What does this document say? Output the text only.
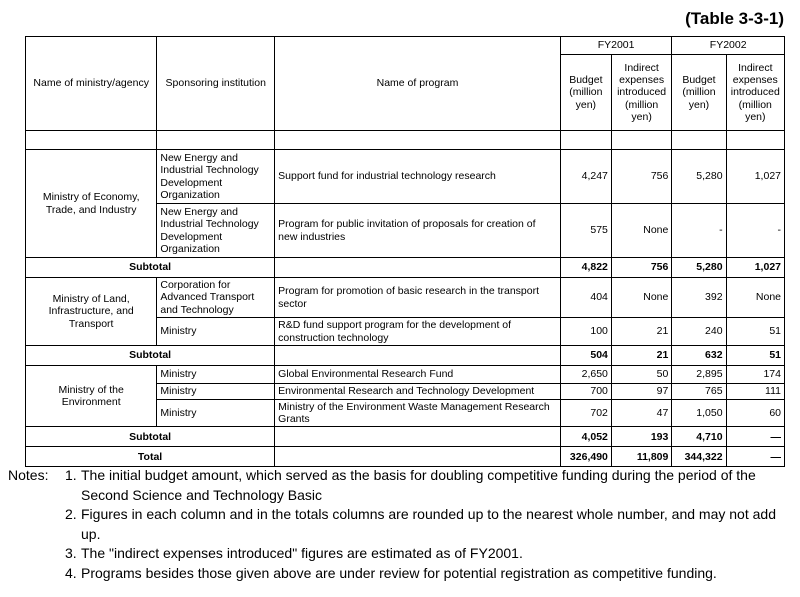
(Table 3-3-1)
Name of ministry/agency	Sponsoring institution	Name of program	FY2001		FY2002	
			Budget (million yen)	Indirect expenses introduced (million yen)	Budget (million yen)	Indirect expenses introduced (million yen)

Ministry of Economy, Trade, and Industry	New Energy and Industrial Technology Development Organization	Support fund for industrial technology research	4,247	756	5,280	1,027
	New Energy and Industrial Technology Development Organization	Program for public invitation of proposals for creation of new industries	575	None	-	-
Subtotal			4,822	756	5,280	1,027
Ministry of Land, Infrastructure, and Transport	Corporation for Advanced Transport and Technology	Program for promotion of basic research in the transport sector	404	None	392	None
	Ministry	R&D fund support program for the development of construction technology	100	21	240	51
Subtotal			504	21	632	51
Ministry of the Environment	Ministry	Global Environmental Research Fund	2,650	50	2,895	174
	Ministry	Environmental Research and Technology Development	700	97	765	111
	Ministry	Ministry of the Environment Waste Management Research Grants	702	47	1,050	60
Subtotal			4,052	193	4,710	—
Total			326,490	11,809	344,322	—
Notes:	1. The initial budget amount, which served as the basis for doubling competitive funding during the period of the Second Science and Technology Basic
2. Figures in each column and in the totals columns are rounded up to the nearest whole number, and may not add up.
3. The "indirect expenses introduced" figures are estimated as of FY2001.
4. Programs besides those given above are under review for potential registration as competitive funding.
